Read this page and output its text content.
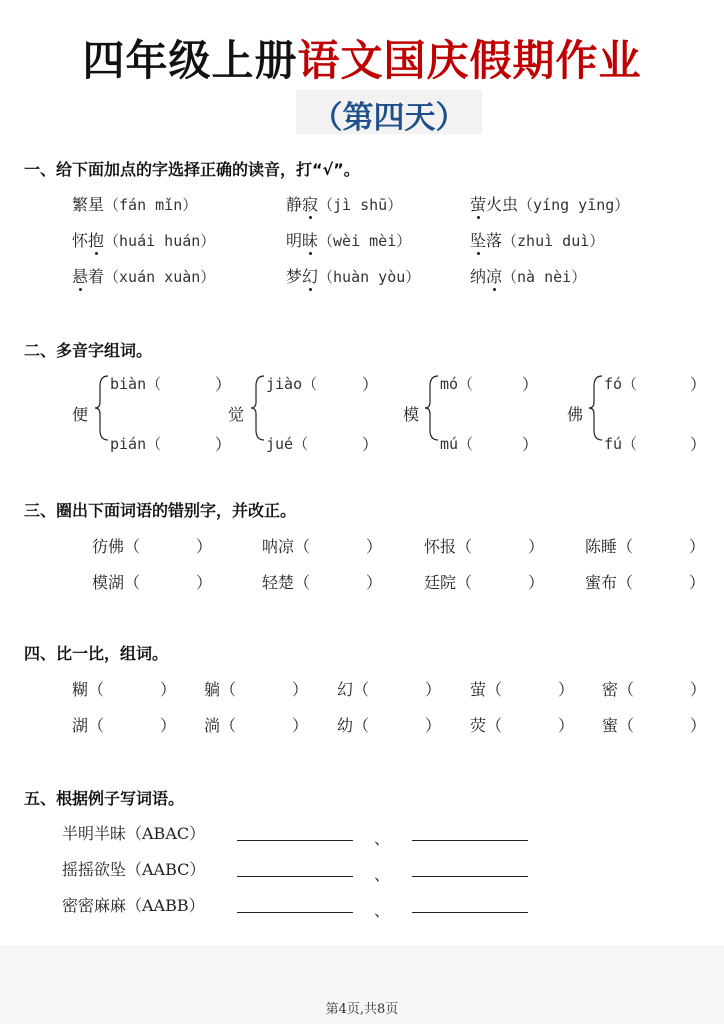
四年级上册语文国庆假期作业
（第四天）
一、给下面加点的字选择正确的读音，打“√”。
繁星（fán mǐn）	静寂（jì shū）	萤火虫（yíng yīng）
怀抱（huái huán）	明昧（wèi mèi）	坠落（zhuì duì）
悬着（xuán xuàn）	梦幻（huàn yòu）	纳凉（nà nèi）
二、多音字组词。
便
biàn（	）
pián（	）
觉
jiào（	）
jué（	）
模
mó（	）
mú（	）
佛
fó（	）
fú（	）
三、圈出下面词语的错别字，并改正。
彷佛（	）	呐凉（	）	怀报（	）	陈睡（	）
模湖（	）	轻楚（	）	廷院（	）	蜜布（	）
四、比一比，组词。
糊（	） 躺（	） 幻（	） 萤（	） 密（	）
湖（	） 淌（	） 幼（	） 荧（	） 蜜（	）
五、根据例子写词语。
半明半昧（ABAC）	、
摇摇欲坠（AABC）	、
密密麻麻（AABB）	、
第4页,共8页
